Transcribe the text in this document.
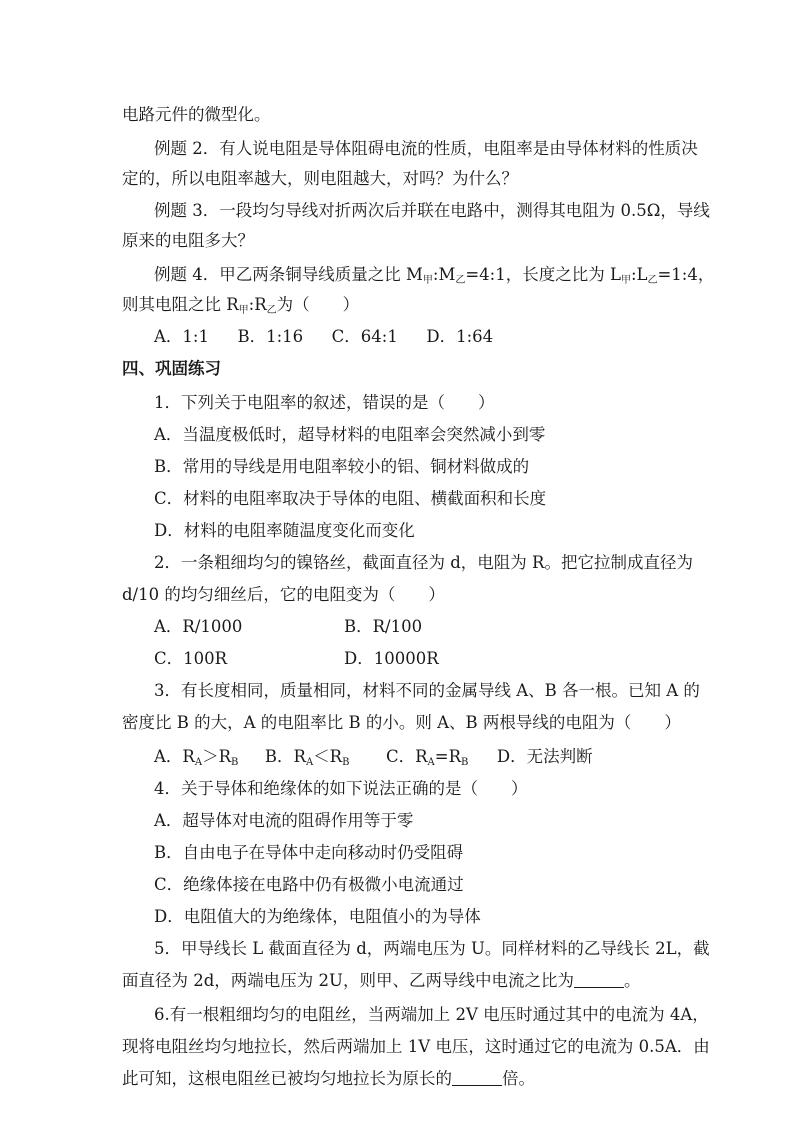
电路元件的微型化。
例题 2．有人说电阻是导体阻碍电流的性质，电阻率是由导体材料的性质决
定的，所以电阻率越大，则电阻越大，对吗？为什么？
例题 3．一段均匀导线对折两次后并联在电路中，测得其电阻为 0.5Ω，导线
原来的电阻多大？
例题 4．甲乙两条铜导线质量之比 $M_甲:M_乙=4:1$，长度之比为 $L_甲:L_乙=1:4$，
则其电阻之比 $R_甲:R_乙$为（　　）
A．1:1 B．1:16 C．64:1 D．1:64
四、巩固练习
1．下列关于电阻率的叙述，错误的是（　　）
A．当温度极低时，超导材料的电阻率会突然减小到零
B．常用的导线是用电阻率较小的铝、铜材料做成的
C．材料的电阻率取决于导体的电阻、横截面积和长度
D．材料的电阻率随温度变化而变化
2．一条粗细均匀的镍铬丝，截面直径为 d，电阻为 R。把它拉制成直径为
d/10 的均匀细丝后，它的电阻变为（　　）
A．R/1000	B．R/100
C．100R	D．10000R
3．有长度相同，质量相同，材料不同的金属导线 A、B 各一根。已知 A 的
密度比 B 的大，A 的电阻率比 B 的小。则 A、B 两根导线的电阻为（　　）
A．$R_A>R_B$ B．$R_A<R_B$ C．$R_A=R_B$ D．无法判断
4．关于导体和绝缘体的如下说法正确的是（　　）
A．超导体对电流的阻碍作用等于零
B．自由电子在导体中走向移动时仍受阻碍
C．绝缘体接在电路中仍有极微小电流通过
D．电阻值大的为绝缘体，电阻值小的为导体
5．甲导线长 L 截面直径为 d，两端电压为 U。同样材料的乙导线长 2L，截
面直径为 2d，两端电压为 2U，则甲、乙两导线中电流之比为	。
6.有一根粗细均匀的电阻丝，当两端加上 2V 电压时通过其中的电流为 4A，
现将电阻丝均匀地拉长，然后两端加上 1V 电压，这时通过它的电流为 0.5A．由
此可知，这根电阻丝已被均匀地拉长为原长的	倍。
